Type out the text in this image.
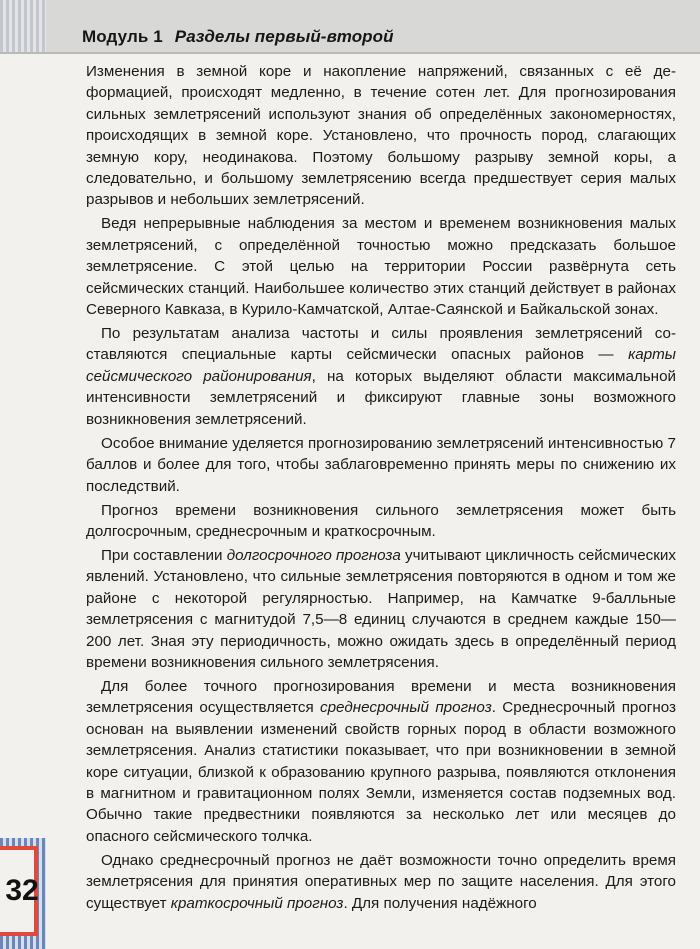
Модуль 1 Разделы первый-второй

Изменения в земной коре и накопление напряжений, связанных с её деформацией, происходят медленно, в течение сотен лет. Для прогнозирования сильных землетрясений используют знания об определённых закономерностях, происходящих в земной коре. Установлено, что прочность пород, слагающих земную кору, неодинакова. Поэтому большому разрыву земной коры, а следовательно, и большому землетрясению всегда предшествует серия малых разрывов и небольших землетрясений.

Ведя непрерывные наблюдения за местом и временем возникновения малых землетрясений, с определённой точностью можно предсказать большое землетрясение. С этой целью на территории России развёрнута сеть сейсмических станций. Наибольшее количество этих станций действует в районах Северного Кавказа, в Курило-Камчатской, Алтае-Саянской и Байкальской зонах.

По результатам анализа частоты и силы проявления землетрясений составляются специальные карты сейсмически опасных районов — карты сейсмического районирования, на которых выделяют области максимальной интенсивности землетрясений и фиксируют главные зоны возможного возникновения землетрясений.

Особое внимание уделяется прогнозированию землетрясений интенсивностью 7 баллов и более для того, чтобы заблаговременно принять меры по снижению их последствий.

Прогноз времени возникновения сильного землетрясения может быть долгосрочным, среднесрочным и краткосрочным.

При составлении долгосрочного прогноза учитывают цикличность сейсмических явлений. Установлено, что сильные землетрясения повторяются в одном и том же районе с некоторой регулярностью. Например, на Камчатке 9-балльные землетрясения с магнитудой 7,5—8 единиц случаются в среднем каждые 150—200 лет. Зная эту периодичность, можно ожидать здесь в определённый период времени возникновения сильного землетрясения.

Для более точного прогнозирования времени и места возникновения землетрясения осуществляется среднесрочный прогноз. Среднесрочный прогноз основан на выявлении изменений свойств горных пород в области возможного землетрясения. Анализ статистики показывает, что при возникновении в земной коре ситуации, близкой к образованию крупного разрыва, появляются отклонения в магнитном и гравитационном полях Земли, изменяется состав подземных вод. Обычно такие предвестники появляются за несколько лет или месяцев до опасного сейсмического толчка.

Однако среднесрочный прогноз не даёт возможности точно определить время землетрясения для принятия оперативных мер по защите населения. Для этого существует краткосрочный прогноз. Для получения надёжного

32
